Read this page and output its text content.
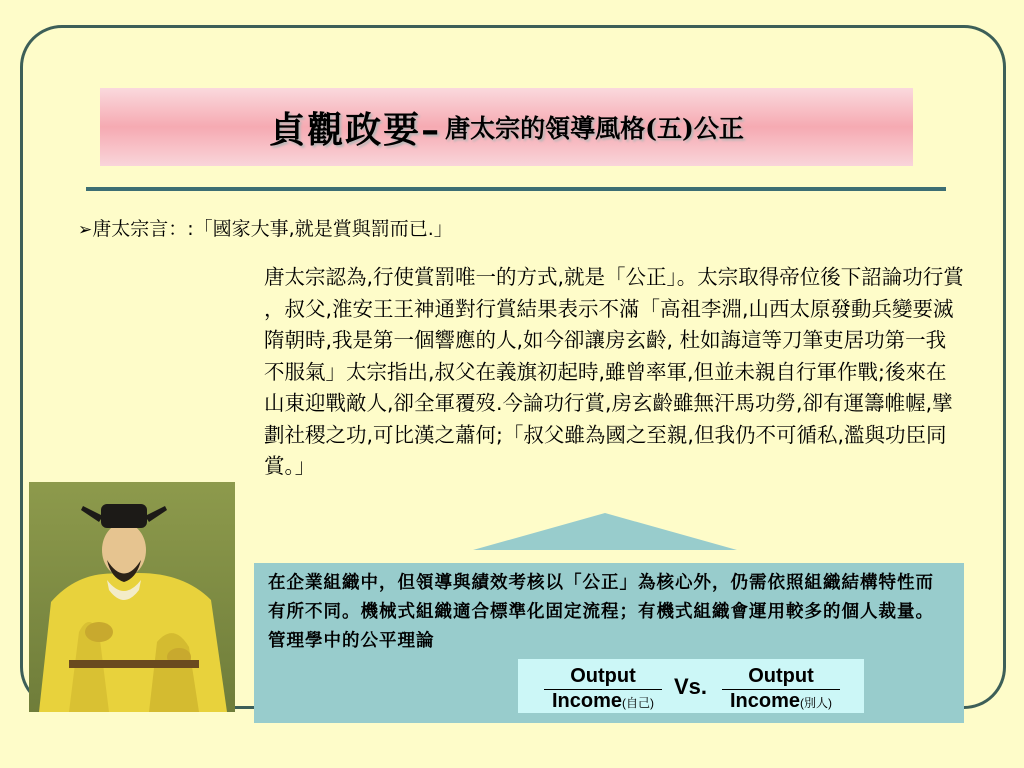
貞觀政要– 唐太宗的領導風格(五)公正
➢唐太宗言：:「國家大事,就是賞與罰而已.」
唐太宗認為,行使賞罰唯一的方式,就是「公正」。太宗取得帝位後下詔論功行賞 ，叔父,淮安王王神通對行賞結果表示不滿「高祖李淵,山西太原發動兵變要滅隋朝時,我是第一個響應的人,如今卻讓房玄齡, 杜如誨這等刀筆吏居功第一我不服氣」太宗指出,叔父在義旗初起時,雖曾率軍,但並未親自行軍作戰;後來在山東迎戰敵人,卻全軍覆歿.今論功行賞,房玄齡雖無汗馬功勞,卻有運籌帷幄,擘劃社稷之功,可比漢之蕭何;「叔父雖為國之至親,但我仍不可循私,濫與功臣同賞。」
在企業組織中，但領導與績效考核以「公正」為核心外，仍需依照組織結構特性而有所不同。機械式組織適合標準化固定流程；有機式組織會運用較多的個人裁量。
管理學中的公平理論
Output
Income(自己)
Vs.	Output
Income(別人)
